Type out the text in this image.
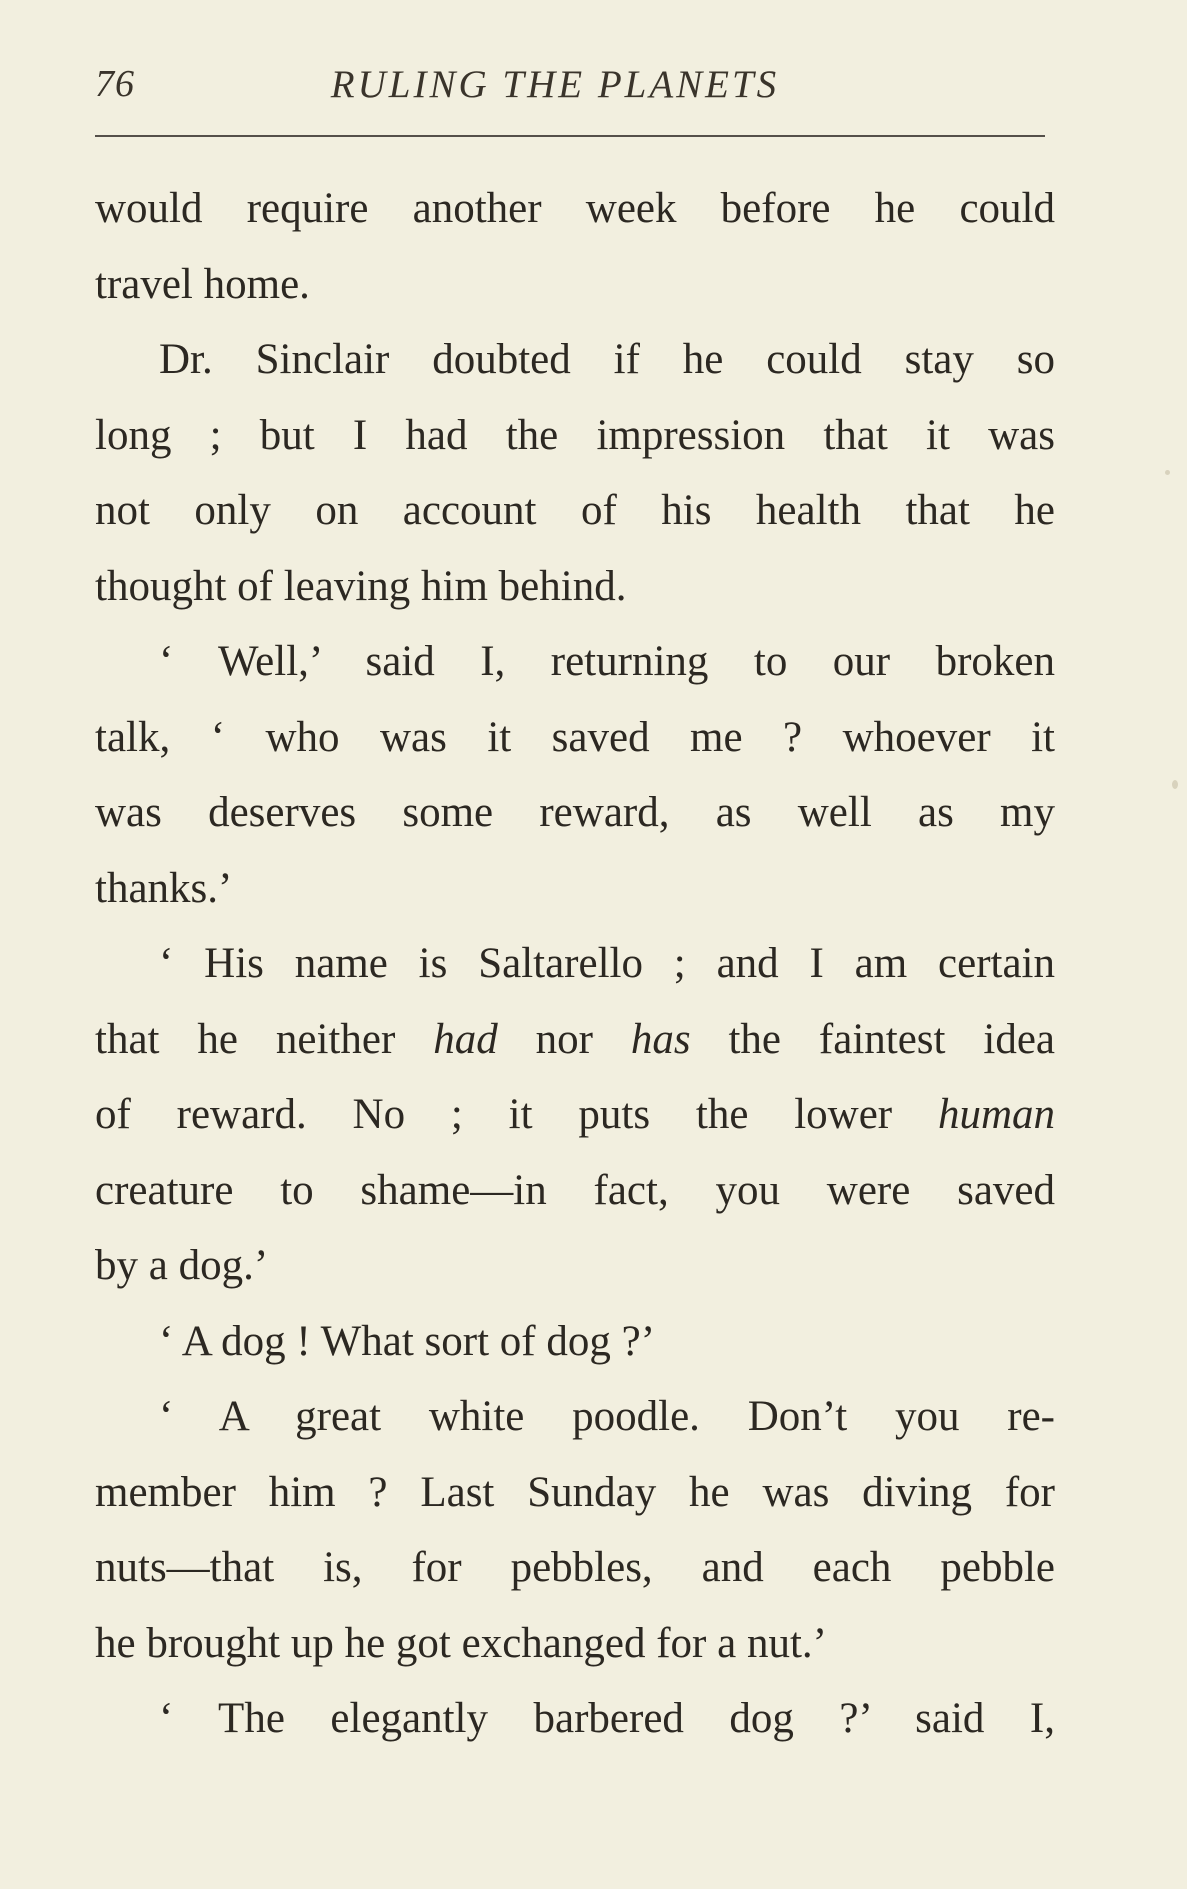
76	RULING THE PLANETS
would require another week before he could
travel home.
Dr. Sinclair doubted if he could stay so
long ; but I had the impression that it was
not only on account of his health that he
thought of leaving him behind.
‘ Well,’ said I, returning to our broken
talk, ‘ who was it saved me ? whoever it
was deserves some reward, as well as my
thanks.’
‘ His name is Saltarello ; and I am certain
that he neither had nor has the faintest idea
of reward. No ; it puts the lower human
creature to shame—in fact, you were saved
by a dog.’
‘ A dog ! What sort of dog ?’
‘ A great white poodle. Don’t you re-
member him ? Last Sunday he was diving for
nuts—that is, for pebbles, and each pebble
he brought up he got exchanged for a nut.’
‘ The elegantly barbered dog ?’ said I,
